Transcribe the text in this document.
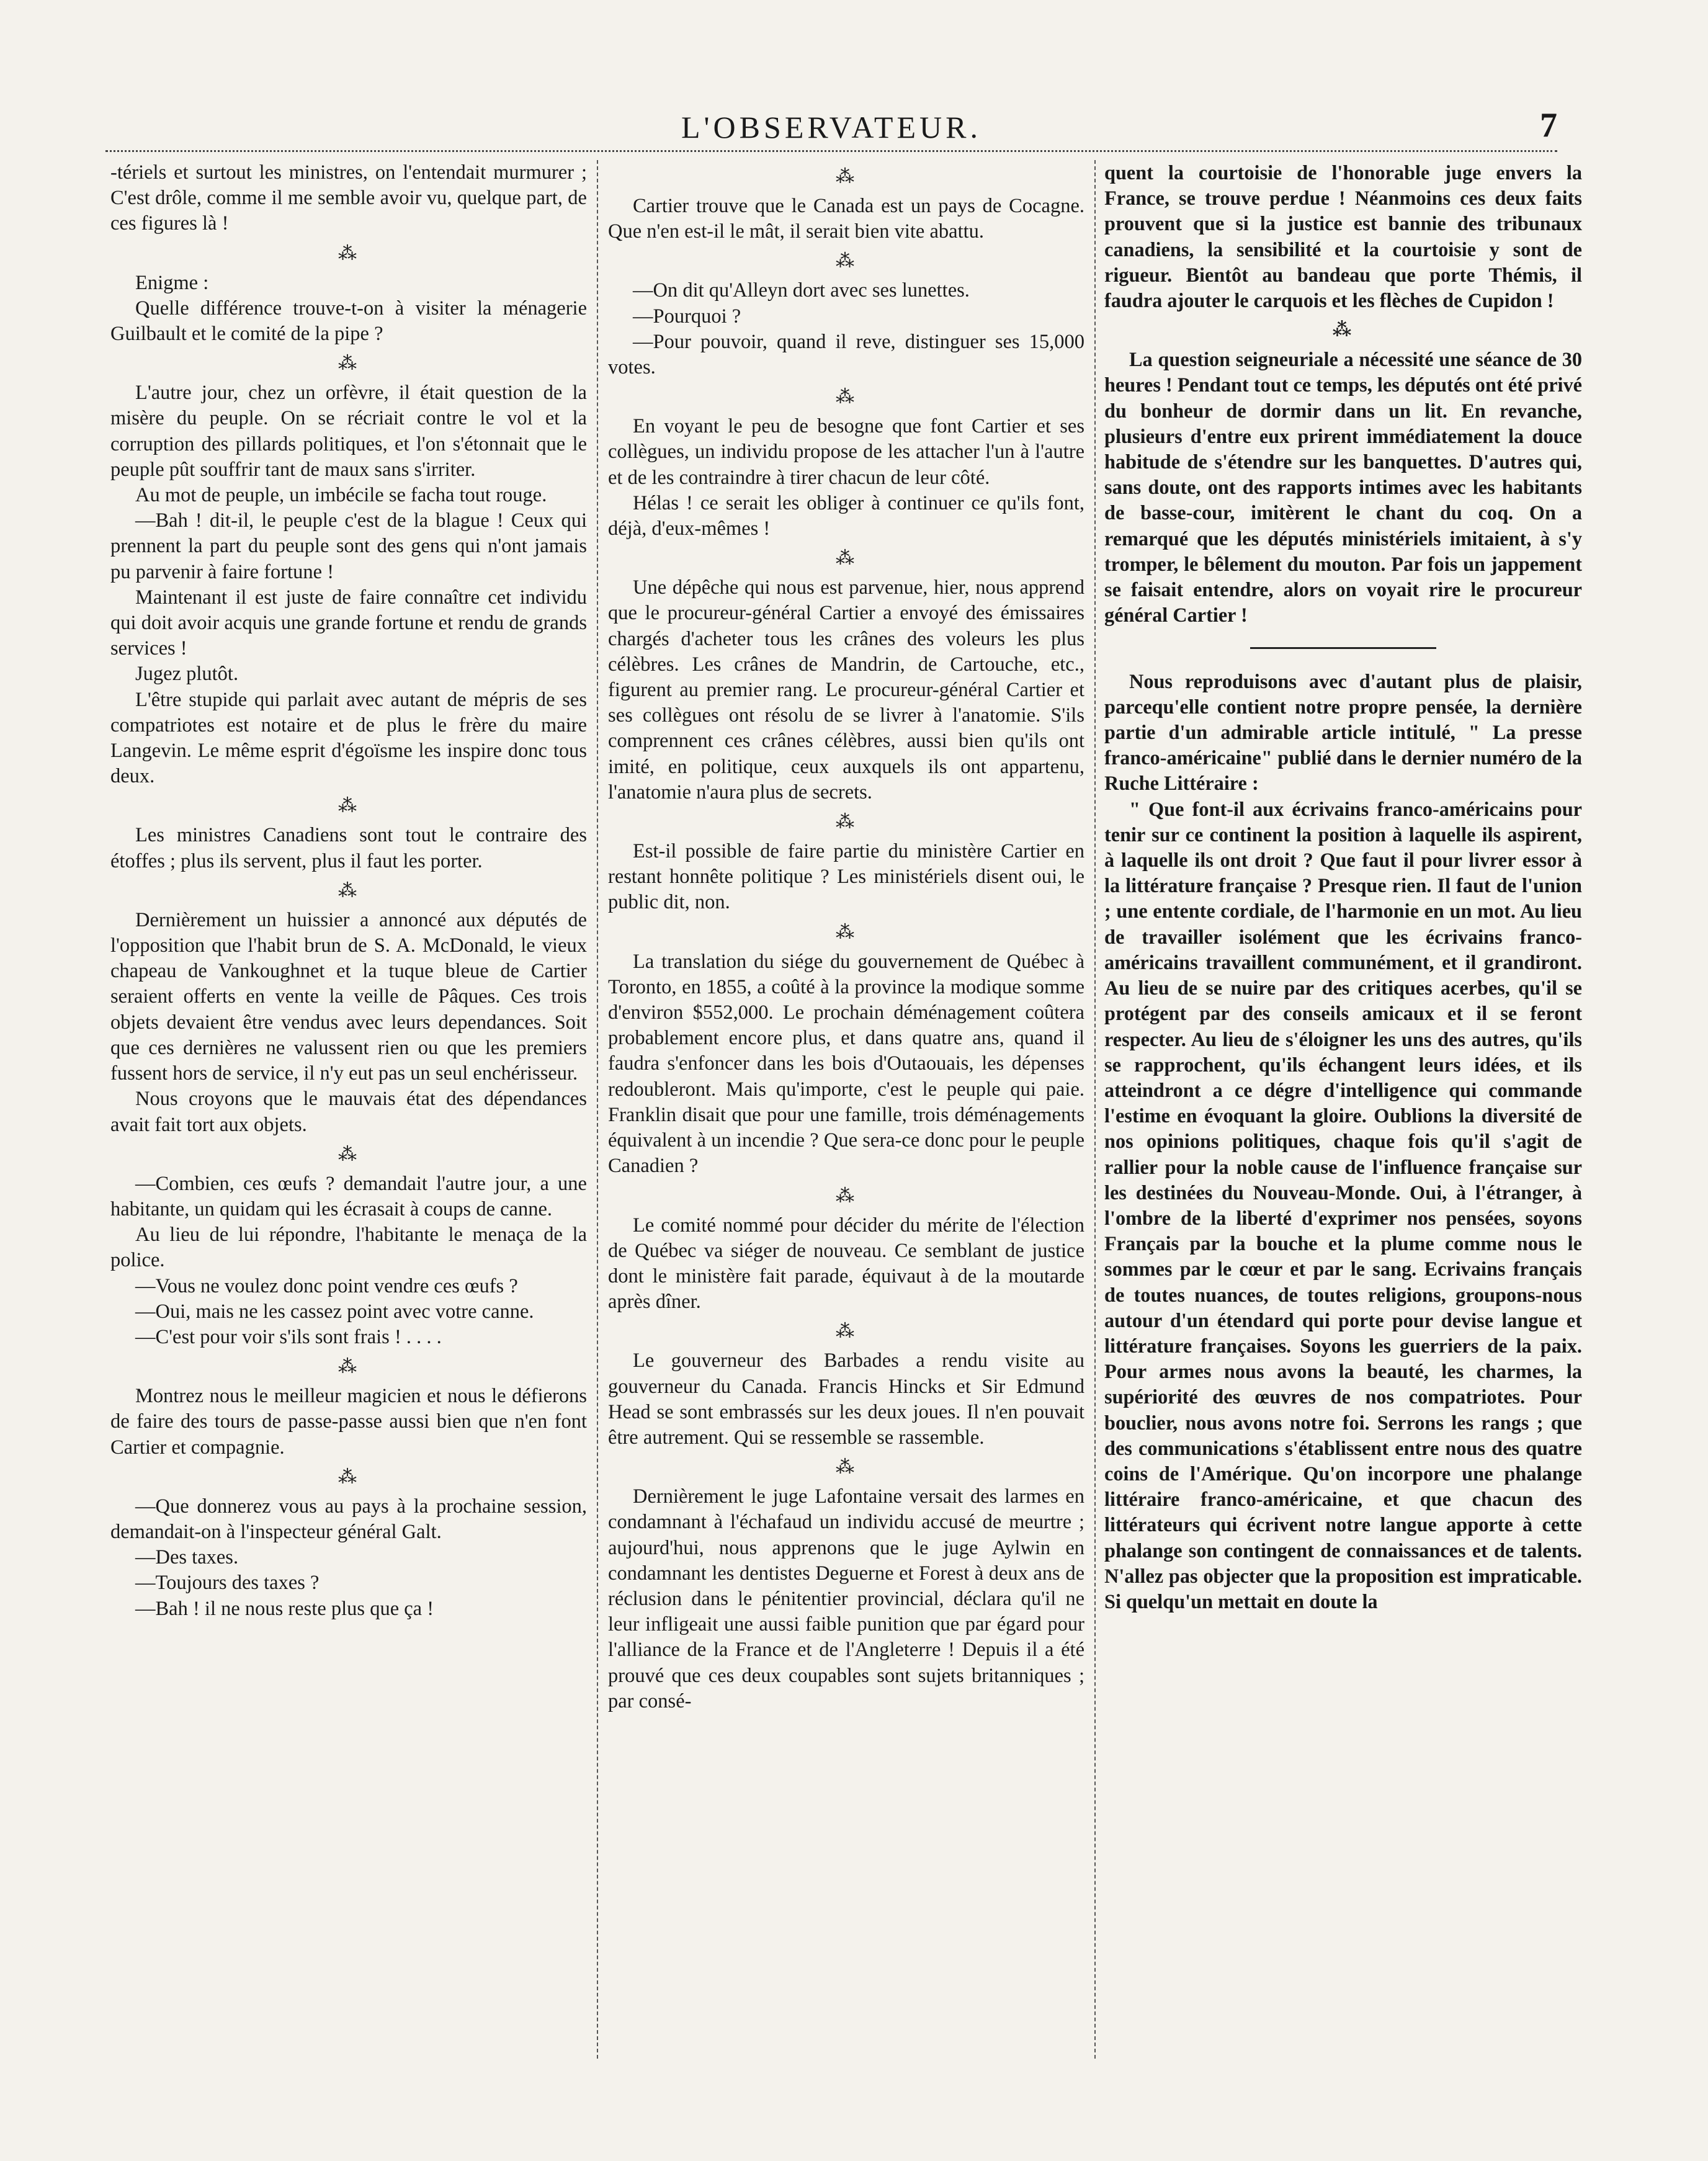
L'OBSERVATEUR.	7

-tériels et surtout les ministres, on l'entendait murmurer ; C'est drôle, comme il me semble avoir vu, quelque part, de ces figures là !

⁂

Enigme :

Quelle différence trouve-t-on à visiter la ménagerie Guilbault et le comité de la pipe ?

⁂

L'autre jour, chez un orfèvre, il était question de la misère du peuple. On se récriait contre le vol et la corruption des pillards politiques, et l'on s'étonnait que le peuple pût souffrir tant de maux sans s'irriter.

Au mot de peuple, un imbécile se facha tout rouge.

—Bah ! dit-il, le peuple c'est de la blague ! Ceux qui prennent la part du peuple sont des gens qui n'ont jamais pu parvenir à faire fortune !

Maintenant il est juste de faire connaître cet individu qui doit avoir acquis une grande fortune et rendu de grands services !

Jugez plutôt.

L'être stupide qui parlait avec autant de mépris de ses compatriotes est notaire et de plus le frère du maire Langevin. Le même esprit d'égoïsme les inspire donc tous deux.

⁂

Les ministres Canadiens sont tout le contraire des étoffes ; plus ils servent, plus il faut les porter.

⁂

Dernièrement un huissier a annoncé aux députés de l'opposition que l'habit brun de S. A. McDonald, le vieux chapeau de Vankoughnet et la tuque bleue de Cartier seraient offerts en vente la veille de Pâques. Ces trois objets devaient être vendus avec leurs dependances. Soit que ces dernières ne valussent rien ou que les premiers fussent hors de service, il n'y eut pas un seul enchérisseur.

Nous croyons que le mauvais état des dépendances avait fait tort aux objets.

⁂

—Combien, ces œufs ? demandait l'autre jour, a une habitante, un quidam qui les écrasait à coups de canne.

Au lieu de lui répondre, l'habitante le menaça de la police.

—Vous ne voulez donc point vendre ces œufs ?

—Oui, mais ne les cassez point avec votre canne.

—C'est pour voir s'ils sont frais ! . . . .

⁂

Montrez nous le meilleur magicien et nous le défierons de faire des tours de passe-passe aussi bien que n'en font Cartier et compagnie.

⁂

—Que donnerez vous au pays à la prochaine session, demandait-on à l'inspecteur général Galt.

—Des taxes.

—Toujours des taxes ?

—Bah ! il ne nous reste plus que ça !

⁂

Cartier trouve que le Canada est un pays de Cocagne. Que n'en est-il le mât, il serait bien vite abattu.

⁂

—On dit qu'Alleyn dort avec ses lunettes.

—Pourquoi ?

—Pour pouvoir, quand il reve, distinguer ses 15,000 votes.

⁂

En voyant le peu de besogne que font Cartier et ses collègues, un individu propose de les attacher l'un à l'autre et de les contraindre à tirer chacun de leur côté.

Hélas ! ce serait les obliger à continuer ce qu'ils font, déjà, d'eux-mêmes !

⁂

Une dépêche qui nous est parvenue, hier, nous apprend que le procureur-général Cartier a envoyé des émissaires chargés d'acheter tous les crânes des voleurs les plus célèbres. Les crânes de Mandrin, de Cartouche, etc., figurent au premier rang. Le procureur-général Cartier et ses collègues ont résolu de se livrer à l'anatomie. S'ils comprennent ces crânes célèbres, aussi bien qu'ils ont imité, en politique, ceux auxquels ils ont appartenu, l'anatomie n'aura plus de secrets.

⁂

Est-il possible de faire partie du ministère Cartier en restant honnête politique ? Les ministériels disent oui, le public dit, non.

⁂

La translation du siége du gouvernement de Québec à Toronto, en 1855, a coûté à la province la modique somme d'environ $552,000. Le prochain déménagement coûtera probablement encore plus, et dans quatre ans, quand il faudra s'enfoncer dans les bois d'Outaouais, les dépenses redoubleront. Mais qu'importe, c'est le peuple qui paie. Franklin disait que pour une famille, trois déménagements équivalent à un incendie ? Que sera-ce donc pour le peuple Canadien ?

⁂

Le comité nommé pour décider du mérite de l'élection de Québec va siéger de nouveau. Ce semblant de justice dont le ministère fait parade, équivaut à de la moutarde après dîner.

⁂

Le gouverneur des Barbades a rendu visite au gouverneur du Canada. Francis Hincks et Sir Edmund Head se sont embrassés sur les deux joues. Il n'en pouvait être autrement. Qui se ressemble se rassemble.

⁂

Dernièrement le juge Lafontaine versait des larmes en condamnant à l'échafaud un individu accusé de meurtre ; aujourd'hui, nous apprenons que le juge Aylwin en condamnant les dentistes Deguerne et Forest à deux ans de réclusion dans le pénitentier provincial, déclara qu'il ne leur infligeait une aussi faible punition que par égard pour l'alliance de la France et de l'Angleterre ! Depuis il a été prouvé que ces deux coupables sont sujets britanniques ; par consé-

quent la courtoisie de l'honorable juge envers la France, se trouve perdue ! Néanmoins ces deux faits prouvent que si la justice est bannie des tribunaux canadiens, la sensibilité et la courtoisie y sont de rigueur. Bientôt au bandeau que porte Thémis, il faudra ajouter le carquois et les flèches de Cupidon !

⁂

La question seigneuriale a nécessité une séance de 30 heures ! Pendant tout ce temps, les députés ont été privé du bonheur de dormir dans un lit. En revanche, plusieurs d'entre eux prirent immédiatement la douce habitude de s'étendre sur les banquettes. D'autres qui, sans doute, ont des rapports intimes avec les habitants de basse-cour, imitèrent le chant du coq. On a remarqué que les députés ministériels imitaient, à s'y tromper, le bêlement du mouton. Par fois un jappement se faisait entendre, alors on voyait rire le procureur général Cartier !

Nous reproduisons avec d'autant plus de plaisir, parcequ'elle contient notre propre pensée, la dernière partie d'un admirable article intitulé, " La presse franco-américaine" publié dans le dernier numéro de la Ruche Littéraire :

" Que font-il aux écrivains franco-américains pour tenir sur ce continent la position à laquelle ils aspirent, à laquelle ils ont droit ? Que faut il pour livrer essor à la littérature française ? Presque rien. Il faut de l'union ; une entente cordiale, de l'harmonie en un mot. Au lieu de travailler isolément que les écrivains franco-américains travaillent communément, et il grandiront. Au lieu de se nuire par des critiques acerbes, qu'il se protégent par des conseils amicaux et il se feront respecter. Au lieu de s'éloigner les uns des autres, qu'ils se rapprochent, qu'ils échangent leurs idées, et ils atteindront a ce dégre d'intelligence qui commande l'estime en évoquant la gloire. Oublions la diversité de nos opinions politiques, chaque fois qu'il s'agit de rallier pour la noble cause de l'influence française sur les destinées du Nouveau-Monde. Oui, à l'étranger, à l'ombre de la liberté d'exprimer nos pensées, soyons Français par la bouche et la plume comme nous le sommes par le cœur et par le sang. Ecrivains français de toutes nuances, de toutes religions, groupons-nous autour d'un étendard qui porte pour devise langue et littérature françaises. Soyons les guerriers de la paix. Pour armes nous avons la beauté, les charmes, la supériorité des œuvres de nos compatriotes. Pour bouclier, nous avons notre foi. Serrons les rangs ; que des communications s'établissent entre nous des quatre coins de l'Amérique. Qu'on incorpore une phalange littéraire franco-américaine, et que chacun des littérateurs qui écrivent notre langue apporte à cette phalange son contingent de connaissances et de talents. N'allez pas objecter que la proposition est impraticable. Si quelqu'un mettait en doute la
